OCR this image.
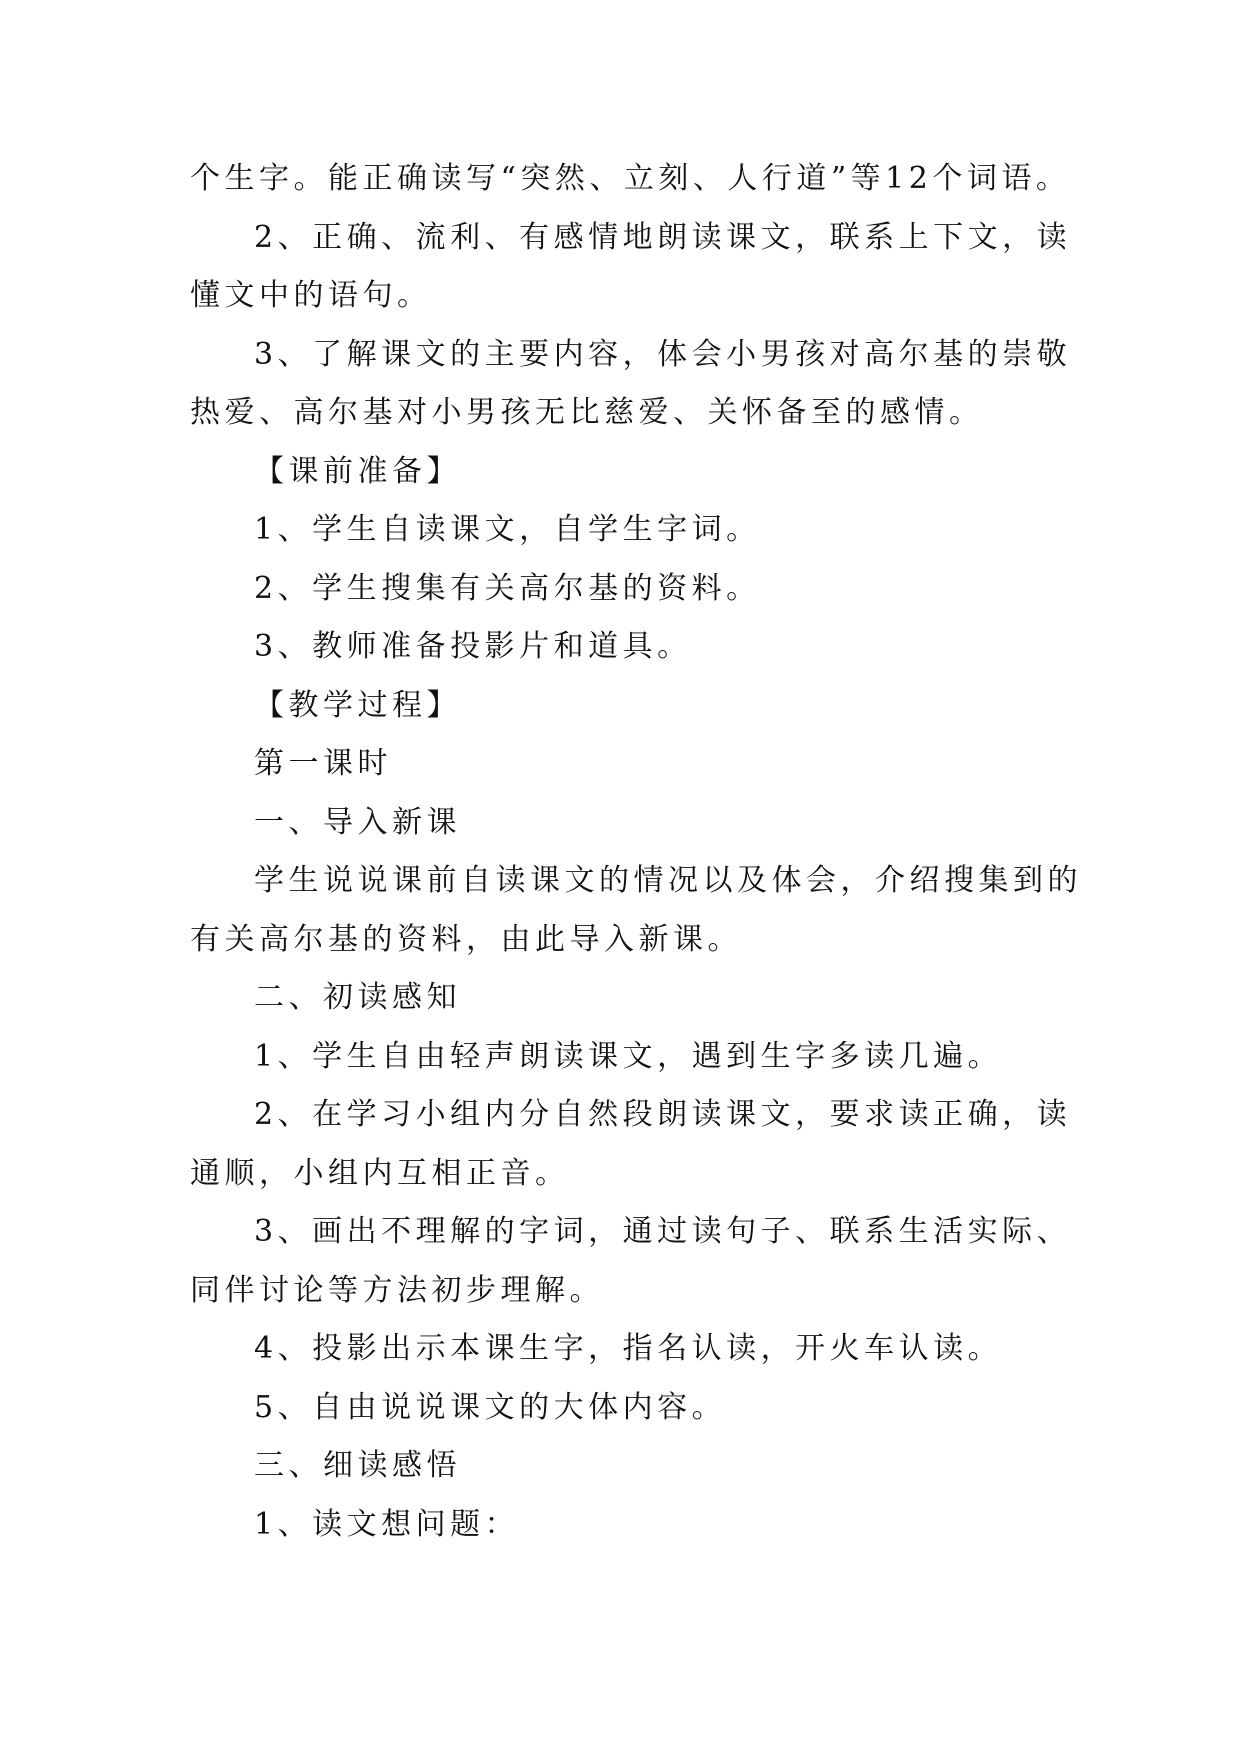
个生字。能正确读写“突然、立刻、人行道”等12个词语。

2、正确、流利、有感情地朗读课文，联系上下文，读

懂文中的语句。

3、了解课文的主要内容，体会小男孩对高尔基的崇敬

热爱、高尔基对小男孩无比慈爱、关怀备至的感情。

【课前准备】

1、学生自读课文，自学生字词。

2、学生搜集有关高尔基的资料。

3、教师准备投影片和道具。

【教学过程】

第一课时

一、导入新课

学生说说课前自读课文的情况以及体会，介绍搜集到的

有关高尔基的资料，由此导入新课。

二、初读感知

1、学生自由轻声朗读课文，遇到生字多读几遍。

2、在学习小组内分自然段朗读课文，要求读正确，读

通顺，小组内互相正音。

3、画出不理解的字词，通过读句子、联系生活实际、

同伴讨论等方法初步理解。

4、投影出示本课生字，指名认读，开火车认读。

5、自由说说课文的大体内容。

三、细读感悟

1、读文想问题：
